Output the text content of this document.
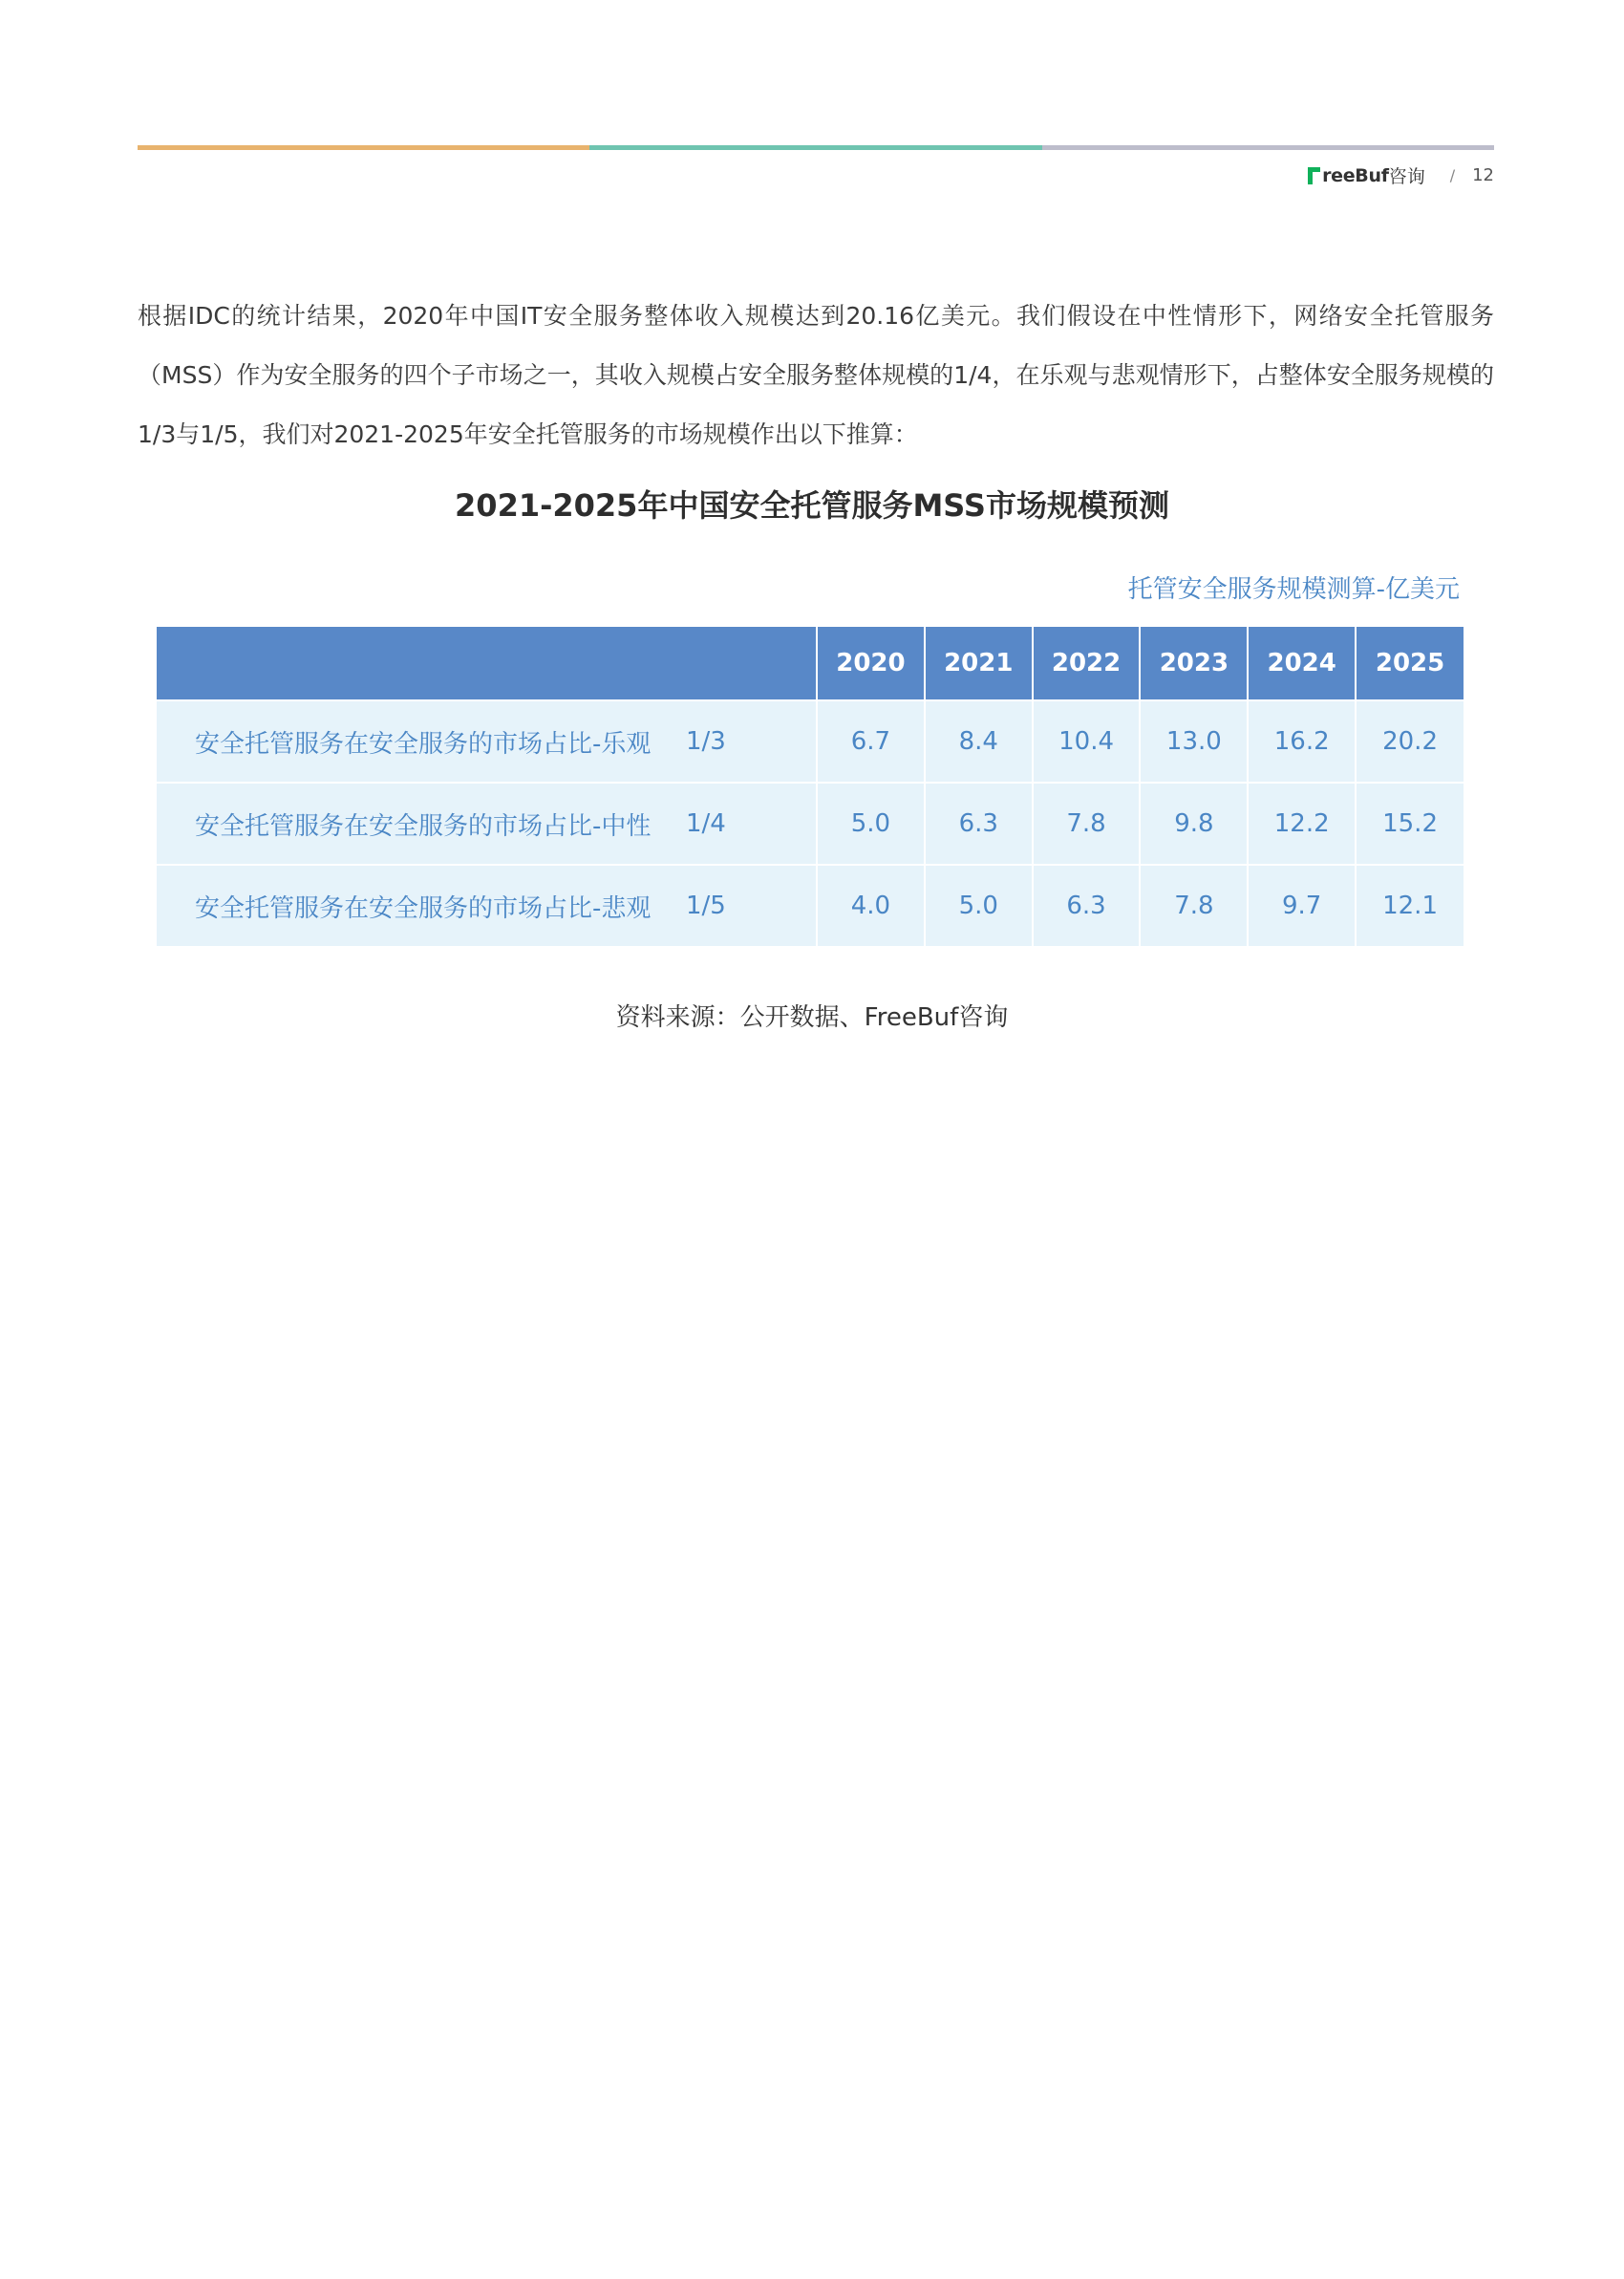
reeBuf 咨询 / 12

根据IDC的统计结果，2020年中国IT安全服务整体收入规模达到20.16亿美元。我们假设在中性情形下，网络安全托管服务（MSS）作为安全服务的四个子市场之一，其收入规模占安全服务整体规模的1/4，在乐观与悲观情形下，占整体安全服务规模的1/3与1/5，我们对2021-2025年安全托管服务的市场规模作出以下推算：

2021-2025年中国安全托管服务MSS市场规模预测
托管安全服务规模测算-亿美元
		2020	2021	2022	2023	2024	2025
安全托管服务在安全服务的市场占比-乐观	1/3	6.7	8.4	10.4	13.0	16.2	20.2
安全托管服务在安全服务的市场占比-中性	1/4	5.0	6.3	7.8	9.8	12.2	15.2
安全托管服务在安全服务的市场占比-悲观	1/5	4.0	5.0	6.3	7.8	9.7	12.1
资料来源：公开数据、FreeBuf咨询
